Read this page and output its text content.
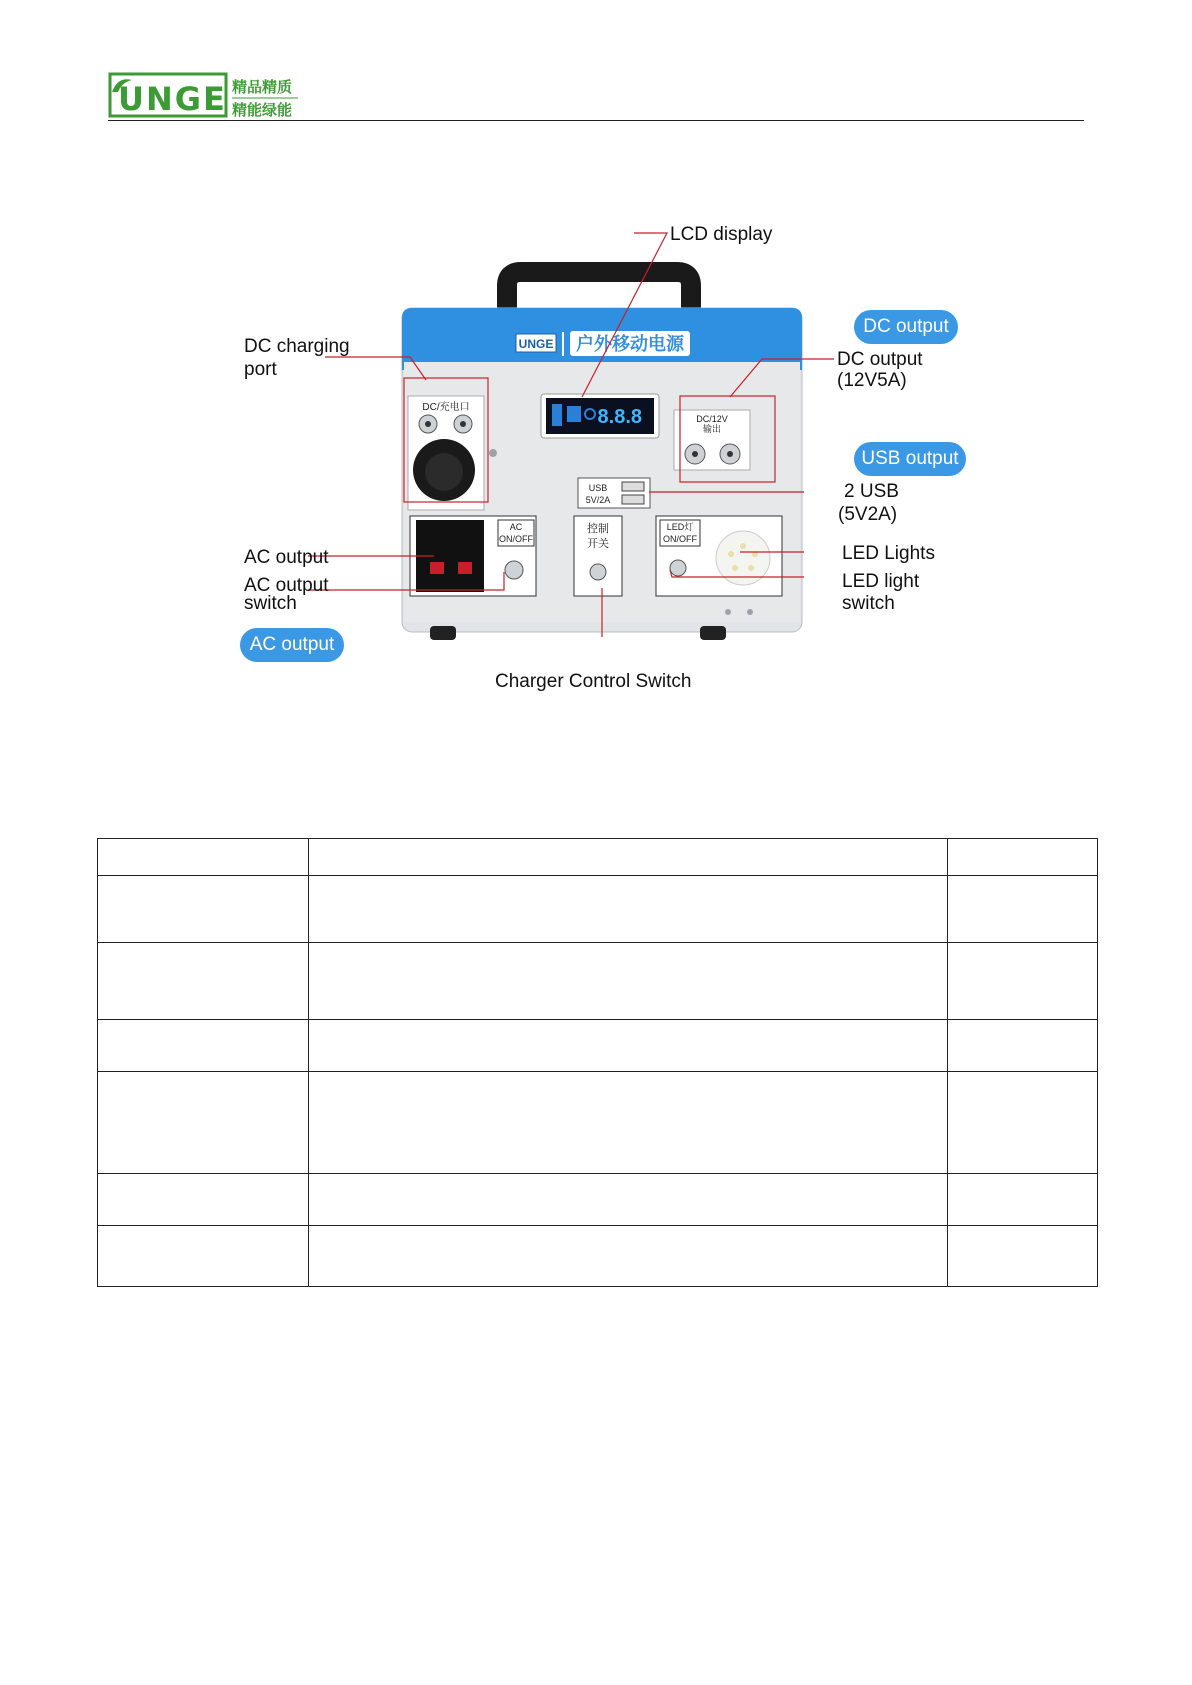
UNGE 精品精质
精能绿能
UNGE 户外移动电源
8.8.8
DC/充电口
DC/12V
输出
USB
5V/2A
AC
ON/OFF
控制
开关
LED灯
ON/OFF
LCD display
DC charging
port	DC output
(12V5A)
2 USB
(5V2A)
LED Lights
LED light
switch
AC output
AC output
switch
Charger Control Switch
DC output
USB output
AC output
